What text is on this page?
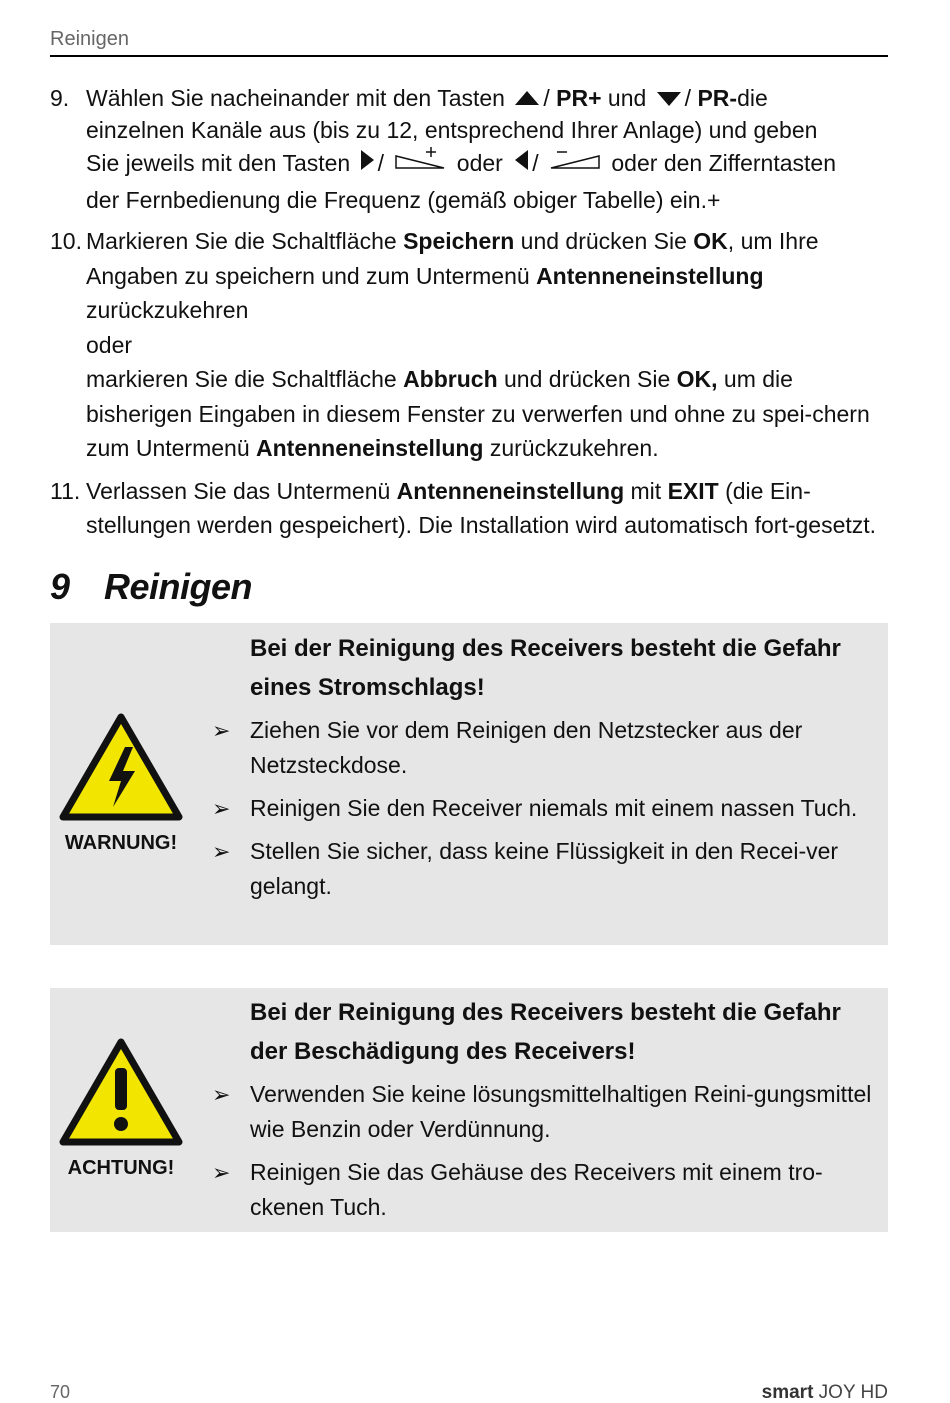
Reinigen
9. Wählen Sie nacheinander mit den Tasten / PR+ und / PR-die

einzelnen Kanäle aus (bis zu 12, entsprechend Ihrer Anlage) und geben

Sie jeweils mit den Tasten /	oder /	oder den Zifferntasten

der Fernbedienung die Frequenz (gemäß obiger Tabelle) ein.+

10. Markieren Sie die Schaltfläche Speichern und drücken Sie OK, um Ihre Angaben zu speichern und zum Untermenü Antenneneinstellung zurückzukehren

oder

markieren Sie die Schaltfläche Abbruch und drücken Sie OK, um die bisherigen Eingaben in diesem Fenster zu verwerfen und ohne zu spei-chern zum Untermenü Antenneneinstellung zurückzukehren.

11. Verlassen Sie das Untermenü Antenneneinstellung mit EXIT (die Ein-stellungen werden gespeichert). Die Installation wird automatisch fort-gesetzt.

9 Reinigen
WARNUNG!
Bei der Reinigung des Receivers besteht die Gefahr eines Stromschlags!
➢ Ziehen Sie vor dem Reinigen den Netzstecker aus der Netzsteckdose.
➢ Reinigen Sie den Receiver niemals mit einem nassen Tuch.
➢ Stellen Sie sicher, dass keine Flüssigkeit in den Recei-ver gelangt.
ACHTUNG!
Bei der Reinigung des Receivers besteht die Gefahr der Beschädigung des Receivers!
➢ Verwenden Sie keine lösungsmittelhaltigen Reini-gungsmittel wie Benzin oder Verdünnung.
➢ Reinigen Sie das Gehäuse des Receivers mit einem tro-ckenen Tuch.
70	smart JOY HD
